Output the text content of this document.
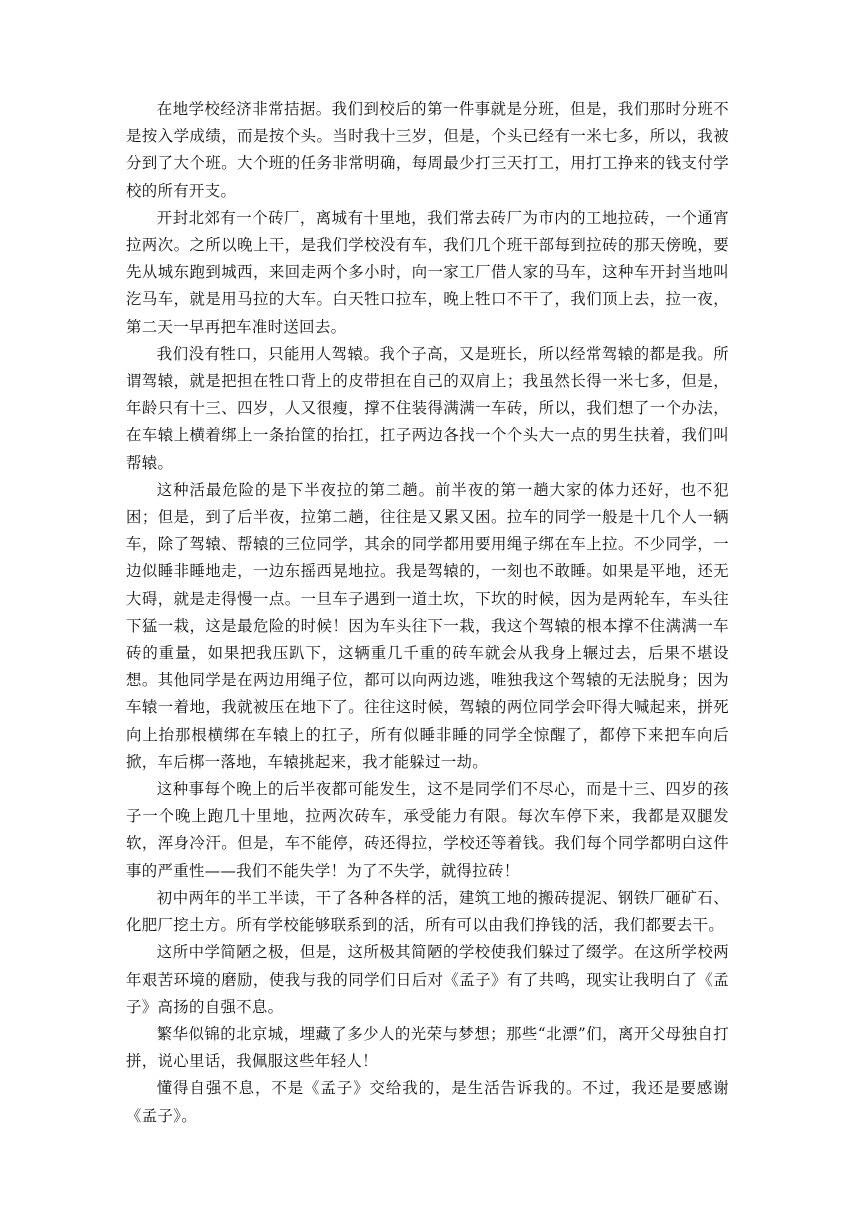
在地学校经济非常拮据。我们到校后的第一件事就是分班，但是，我们那时分班不是按入学成绩，而是按个头。当时我十三岁，但是，个头已经有一米七多，所以，我被分到了大个班。大个班的任务非常明确，每周最少打三天打工，用打工挣来的钱支付学校的所有开支。

开封北郊有一个砖厂，离城有十里地，我们常去砖厂为市内的工地拉砖，一个通宵拉两次。之所以晚上干，是我们学校没有车，我们几个班干部每到拉砖的那天傍晚，要先从城东跑到城西，来回走两个多小时，向一家工厂借人家的马车，这种车开封当地叫汔马车，就是用马拉的大车。白天牲口拉车，晚上牲口不干了，我们顶上去，拉一夜，第二天一早再把车准时送回去。

我们没有牲口，只能用人驾辕。我个子高，又是班长，所以经常驾辕的都是我。所谓驾辕，就是把担在牲口背上的皮带担在自己的双肩上；我虽然长得一米七多，但是，年龄只有十三、四岁，人又很瘦，撑不住装得满满一车砖，所以，我们想了一个办法，在车辕上横着绑上一条抬筐的抬扛，扛子两边各找一个个头大一点的男生扶着，我们叫帮辕。

这种活最危险的是下半夜拉的第二趟。前半夜的第一趟大家的体力还好，也不犯困；但是，到了后半夜，拉第二趟，往往是又累又困。拉车的同学一般是十几个人一辆车，除了驾辕、帮辕的三位同学，其余的同学都用要用绳子绑在车上拉。不少同学，一边似睡非睡地走，一边东摇西晃地拉。我是驾辕的，一刻也不敢睡。如果是平地，还无大碍，就是走得慢一点。一旦车子遇到一道土坎，下坎的时候，因为是两轮车，车头往下猛一栽，这是最危险的时候！因为车头往下一栽，我这个驾辕的根本撑不住满满一车砖的重量，如果把我压趴下，这辆重几千重的砖车就会从我身上辗过去，后果不堪设想。其他同学是在两边用绳子位，都可以向两边逃，唯独我这个驾辕的无法脱身；因为车辕一着地，我就被压在地下了。往往这时候，驾辕的两位同学会吓得大喊起来，拼死向上抬那根横绑在车辕上的扛子，所有似睡非睡的同学全惊醒了，都停下来把车向后掀，车后梆一落地，车辕挑起来，我才能躲过一劫。

这种事每个晚上的后半夜都可能发生，这不是同学们不尽心，而是十三、四岁的孩子一个晚上跑几十里地，拉两次砖车，承受能力有限。每次车停下来，我都是双腿发软，浑身冷汗。但是，车不能停，砖还得拉，学校还等着钱。我们每个同学都明白这件事的严重性——我们不能失学！为了不失学，就得拉砖！

初中两年的半工半读，干了各种各样的活，建筑工地的搬砖提泥、钢铁厂砸矿石、化肥厂挖土方。所有学校能够联系到的活，所有可以由我们挣钱的活，我们都要去干。

这所中学简陋之极，但是，这所极其简陋的学校使我们躲过了缀学。在这所学校两年艰苦环境的磨励，使我与我的同学们日后对《孟子》有了共鸣，现实让我明白了《孟子》高扬的自强不息。

繁华似锦的北京城，埋藏了多少人的光荣与梦想；那些“北漂”们，离开父母独自打拼，说心里话，我佩服这些年轻人！

懂得自强不息，不是《孟子》交给我的，是生活告诉我的。不过，我还是要感谢《孟子》。
